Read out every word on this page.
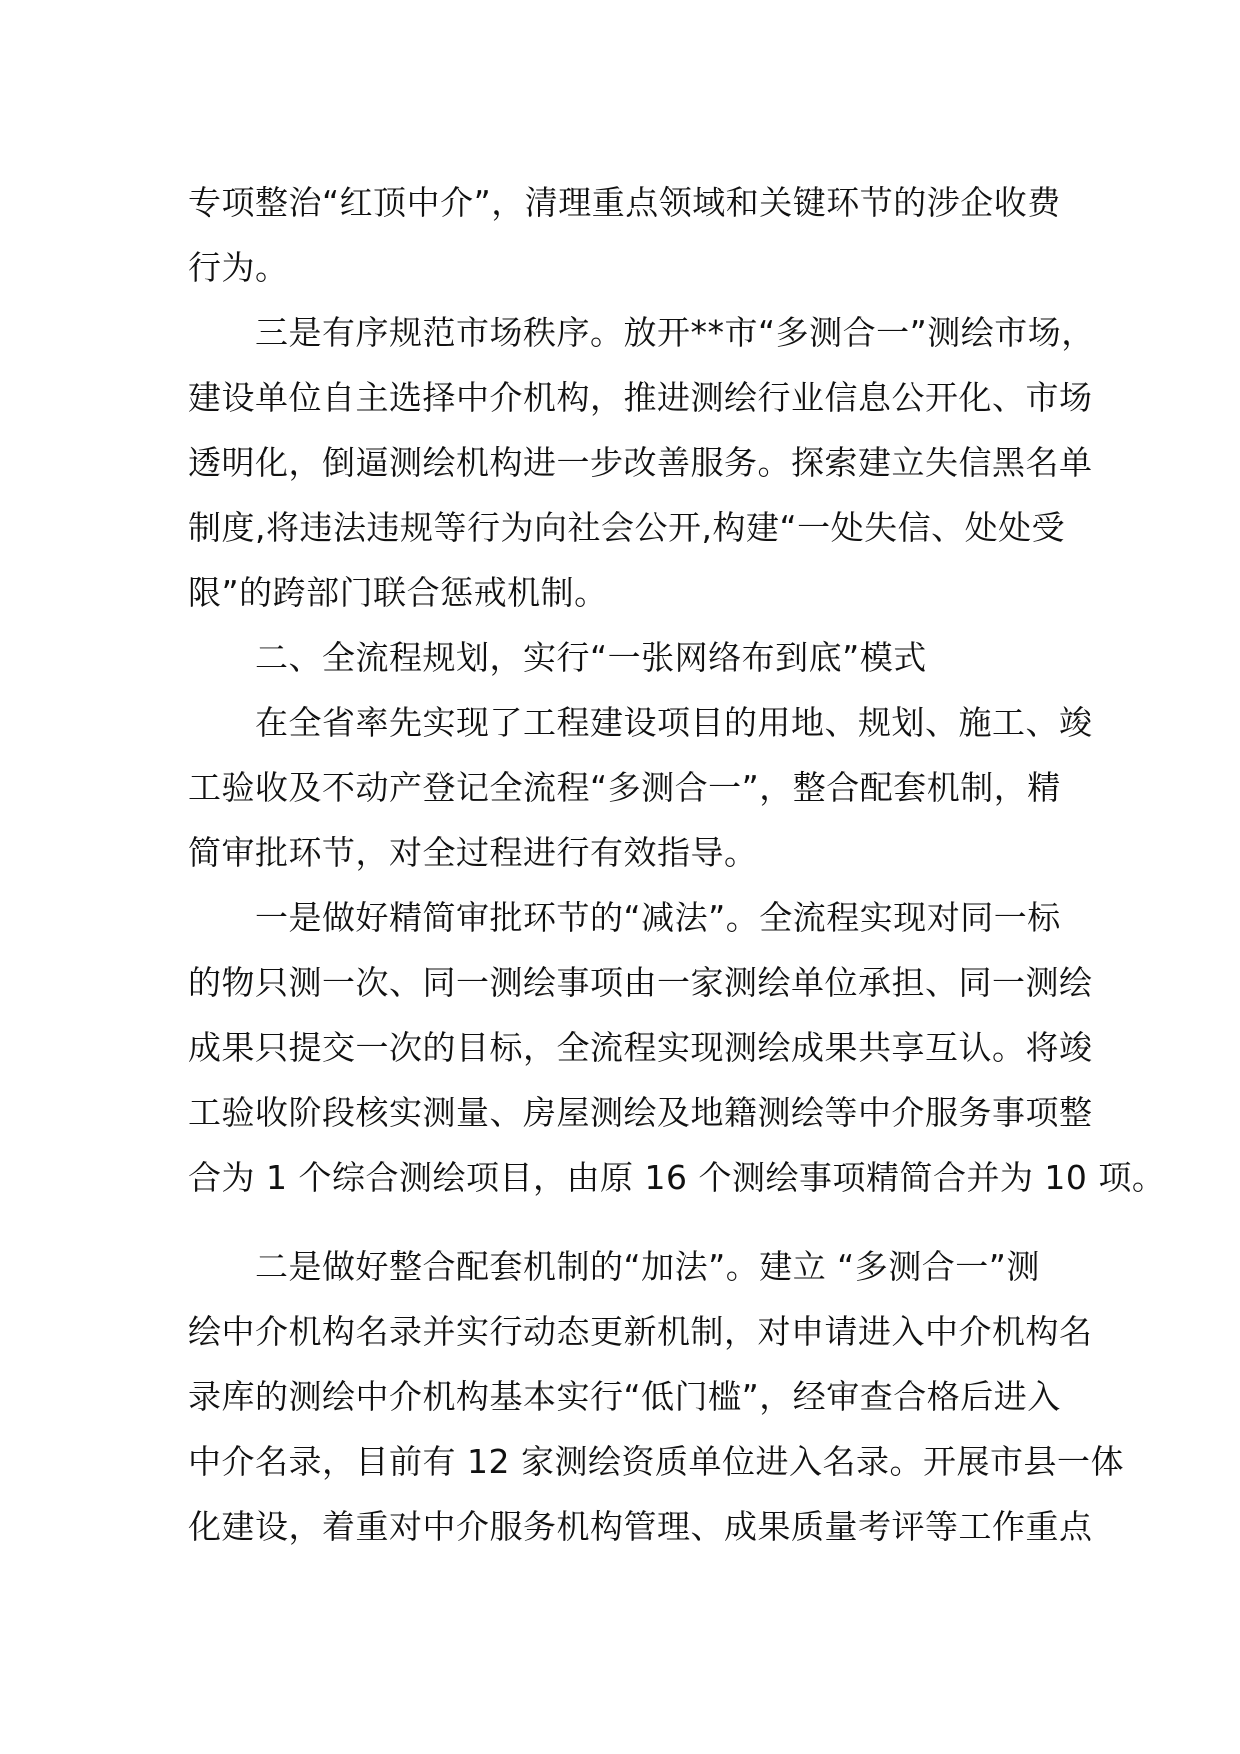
专项整治“红顶中介”，清理重点领域和关键环节的涉企收费

行为。

　　三是有序规范市场秩序。放开**市“多测合一”测绘市场，

建设单位自主选择中介机构，推进测绘行业信息公开化、市场

透明化，倒逼测绘机构进一步改善服务。探索建立失信黑名单

制度,将违法违规等行为向社会公开,构建“一处失信、处处受

限”的跨部门联合惩戒机制。

　　二、全流程规划，实行“一张网络布到底”模式

　　在全省率先实现了工程建设项目的用地、规划、施工、竣

工验收及不动产登记全流程“多测合一”，整合配套机制，精

简审批环节，对全过程进行有效指导。

　　一是做好精简审批环节的“减法”。全流程实现对同一标

的物只测一次、同一测绘事项由一家测绘单位承担、同一测绘

成果只提交一次的目标，全流程实现测绘成果共享互认。将竣

工验收阶段核实测量、房屋测绘及地籍测绘等中介服务事项整

合为 1 个综合测绘项目，由原 16 个测绘事项精简合并为 10 项。

　　二是做好整合配套机制的“加法”。建立 “多测合一”测

绘中介机构名录并实行动态更新机制，对申请进入中介机构名

录库的测绘中介机构基本实行“低门槛”，经审查合格后进入

中介名录，目前有 12 家测绘资质单位进入名录。开展市县一体

化建设，着重对中介服务机构管理、成果质量考评等工作重点
